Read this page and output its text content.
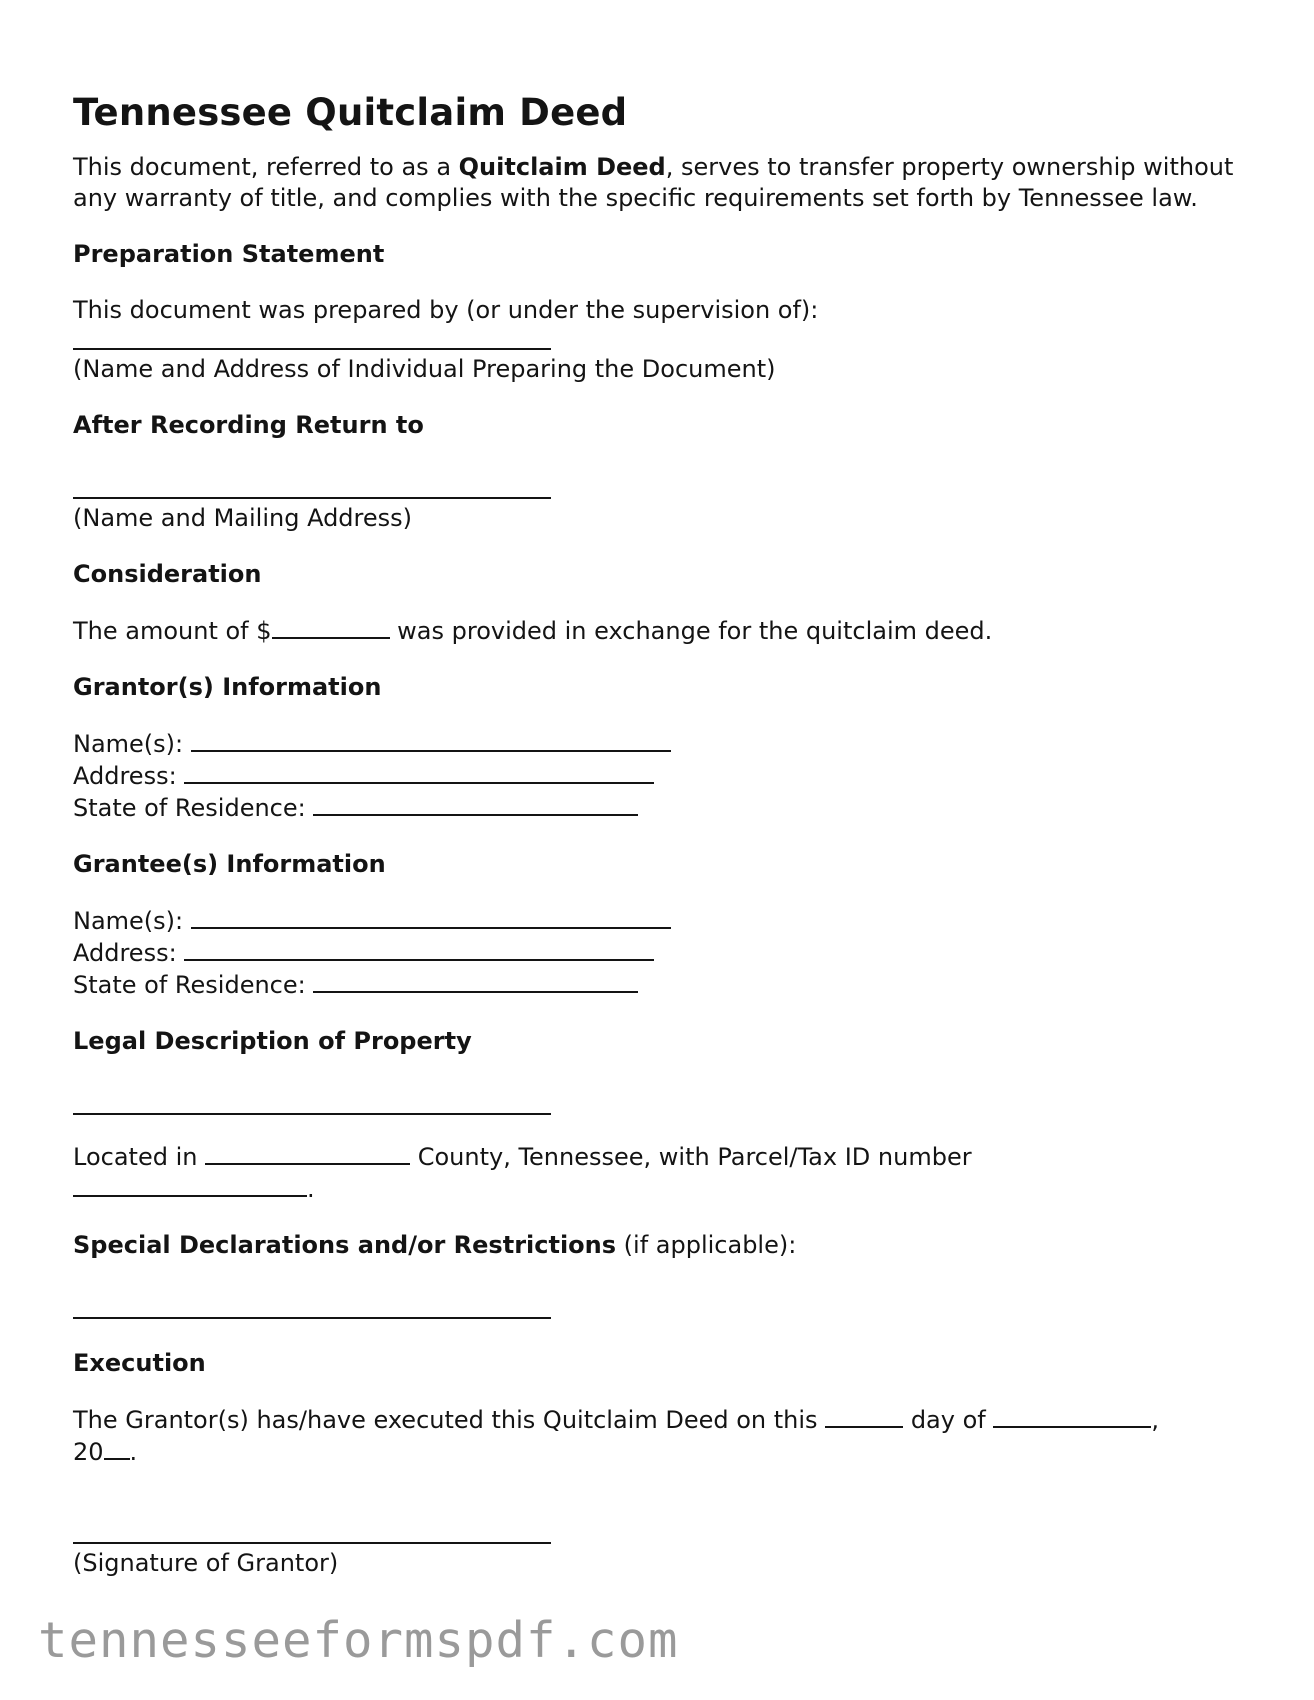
Tennessee Quitclaim Deed

This document, referred to as a Quitclaim Deed, serves to transfer property ownership without any warranty of title, and complies with the specific requirements set forth by Tennessee law.

Preparation Statement

This document was prepared by (or under the supervision of):

(Name and Address of Individual Preparing the Document)

After Recording Return to

(Name and Mailing Address)

Consideration

The amount of $	was provided in exchange for the quitclaim deed.

Grantor(s) Information

Name(s):

Address:

State of Residence:

Grantee(s) Information

Name(s):

Address:

State of Residence:

Legal Description of Property

Located in	County, Tennessee, with Parcel/Tax ID number

.

Special Declarations and/or Restrictions (if applicable):

Execution

The Grantor(s) has/have executed this Quitclaim Deed on this	day of	,

20 .

(Signature of Grantor)

tennesseeformspdf.com
